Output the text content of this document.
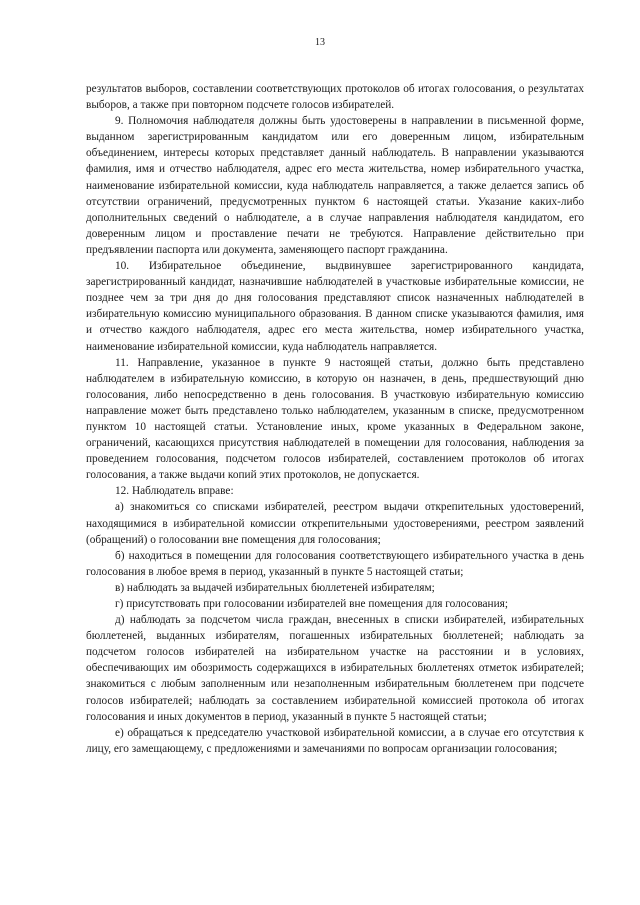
13

результатов выборов, составлении соответствующих протоколов об итогах голосования, о результатах выборов, а также при повторном подсчете голосов избирателей.

9. Полномочия наблюдателя должны быть удостоверены в направлении в письменной форме, выданном зарегистрированным кандидатом или его доверенным лицом, избирательным объединением, интересы которых представляет данный наблюдатель. В направлении указываются фамилия, имя и отчество наблюдателя, адрес его места жительства, номер избирательного участка, наименование избирательной комиссии, куда наблюдатель направляется, а также делается запись об отсутствии ограничений, предусмотренных пунктом 6 настоящей статьи. Указание каких-либо дополнительных сведений о наблюдателе, а в случае направления наблюдателя кандидатом, его доверенным лицом и проставление печати не требуются. Направление действительно при предъявлении паспорта или документа, заменяющего паспорт гражданина.

10. Избирательное объединение, выдвинувшее зарегистрированного кандидата, зарегистрированный кандидат, назначившие наблюдателей в участковые избирательные комиссии, не позднее чем за три дня до дня голосования представляют список назначенных наблюдателей в избирательную комиссию муниципального образования. В данном списке указываются фамилия, имя и отчество каждого наблюдателя, адрес его места жительства, номер избирательного участка, наименование избирательной комиссии, куда наблюдатель направляется.

11. Направление, указанное в пункте 9 настоящей статьи, должно быть представлено наблюдателем в избирательную комиссию, в которую он назначен, в день, предшествующий дню голосования, либо непосредственно в день голосования. В участковую избирательную комиссию направление может быть представлено только наблюдателем, указанным в списке, предусмотренном пунктом 10 настоящей статьи. Установление иных, кроме указанных в Федеральном законе, ограничений, касающихся присутствия наблюдателей в помещении для голосования, наблюдения за проведением голосования, подсчетом голосов избирателей, составлением протоколов об итогах голосования, а также выдачи копий этих протоколов, не допускается.

12. Наблюдатель вправе:

а) знакомиться со списками избирателей, реестром выдачи открепительных удостоверений, находящимися в избирательной комиссии открепительными удостоверениями, реестром заявлений (обращений) о голосовании вне помещения для голосования;

б) находиться в помещении для голосования соответствующего избирательного участка в день голосования в любое время в период, указанный в пункте 5 настоящей статьи;

в) наблюдать за выдачей избирательных бюллетеней избирателям;

г) присутствовать при голосовании избирателей вне помещения для голосования;

д) наблюдать за подсчетом числа граждан, внесенных в списки избирателей, избирательных бюллетеней, выданных избирателям, погашенных избирательных бюллетеней; наблюдать за подсчетом голосов избирателей на избирательном участке на расстоянии и в условиях, обеспечивающих им обозримость содержащихся в избирательных бюллетенях отметок избирателей; знакомиться с любым заполненным или незаполненным избирательным бюллетенем при подсчете голосов избирателей; наблюдать за составлением избирательной комиссией протокола об итогах голосования и иных документов в период, указанный в пункте 5 настоящей статьи;

е) обращаться к председателю участковой избирательной комиссии, а в случае его отсутствия к лицу, его замещающему, с предложениями и замечаниями по вопросам организации голосования;
